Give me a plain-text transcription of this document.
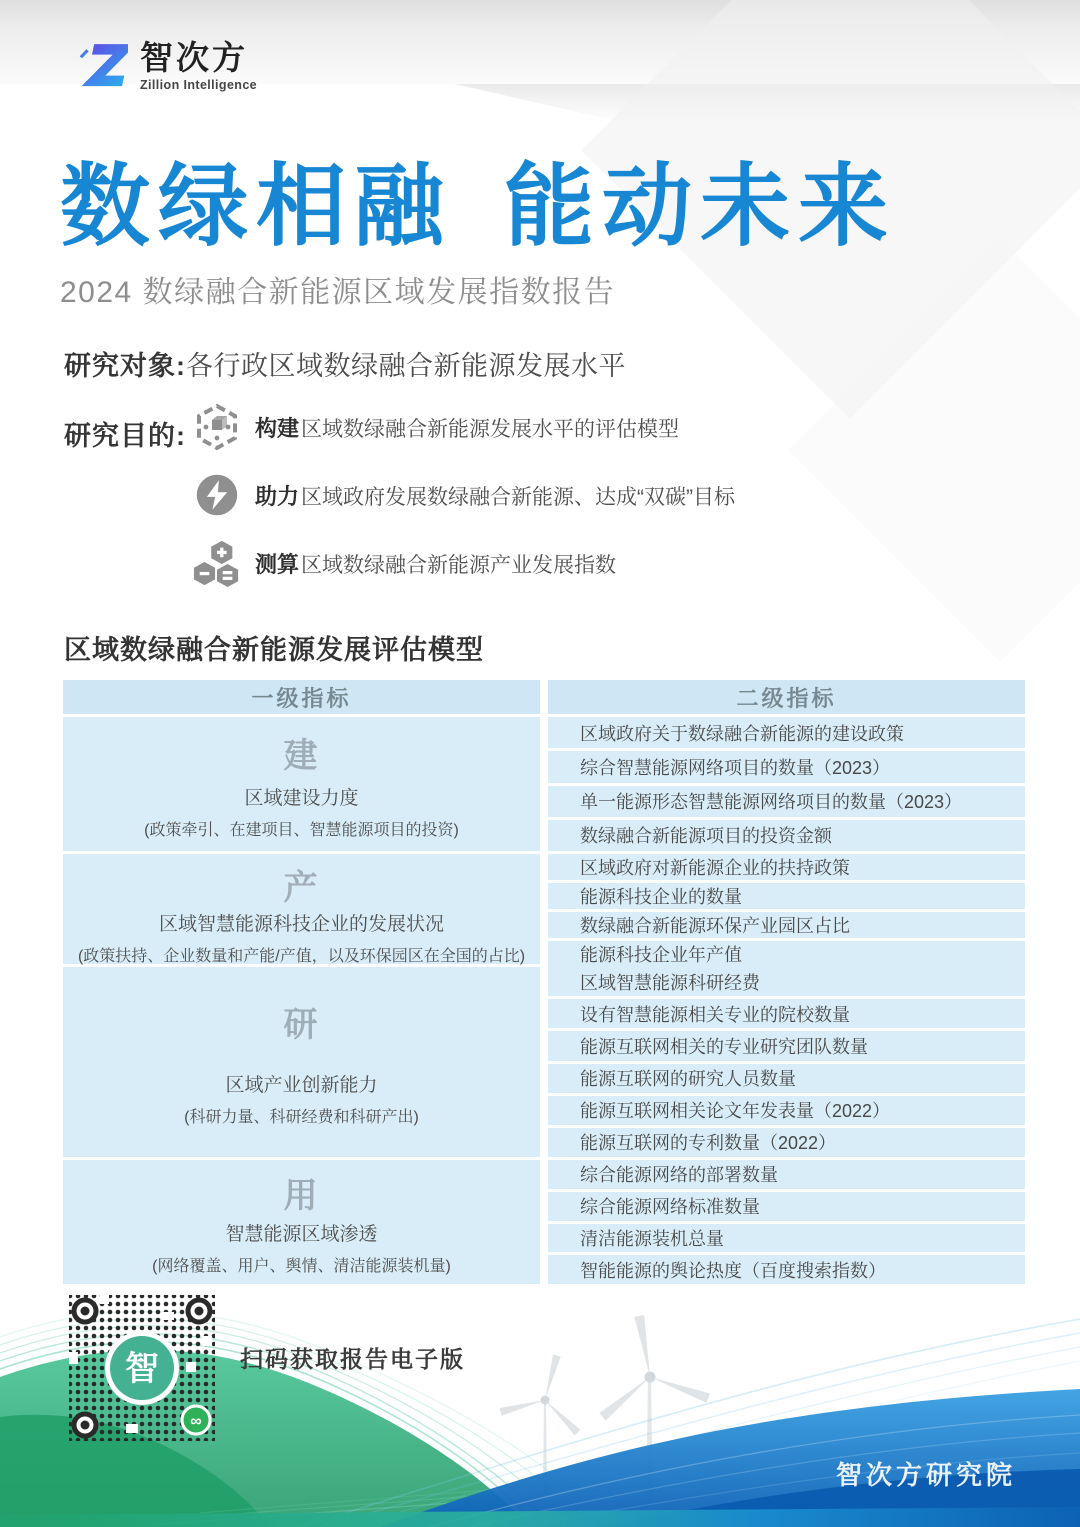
智次方
Zillion Intelligence
数绿相融 能动未来
2024 数绿融合新能源区域发展指数报告
研究对象:各行政区域数绿融合新能源发展水平
研究目的:	构建区域数绿融合新能源发展水平的评估模型
助力区域政府发展数绿融合新能源、达成“双碳”目标
测算区域数绿融合新能源产业发展指数
区域数绿融合新能源发展评估模型
一级指标	二级指标
建
区域建设力度
(政策牵引、在建项目、智慧能源项目的投资)
区域政府关于数绿融合新能源的建设政策
综合智慧能源网络项目的数量（2023）
单一能源形态智慧能源网络项目的数量（2023）
数绿融合新能源项目的投资金额
产
区域智慧能源科技企业的发展状况
(政策扶持、企业数量和产能/产值，以及环保园区在全国的占比)
区域政府对新能源企业的扶持政策
能源科技企业的数量
数绿融合新能源环保产业园区占比
能源科技企业年产值
研
区域产业创新能力
(科研力量、科研经费和科研产出)
区域智慧能源科研经费
设有智慧能源相关专业的院校数量
能源互联网相关的专业研究团队数量
能源互联网的研究人员数量
能源互联网相关论文年发表量（2022）
能源互联网的专利数量（2022）
用
智慧能源区域渗透
(网络覆盖、用户、舆情、清洁能源装机量)
综合能源网络的部署数量
综合能源网络标准数量
清洁能源装机总量
智能能源的舆论热度（百度搜索指数）
智
∞
扫码获取报告电子版
智次方研究院
